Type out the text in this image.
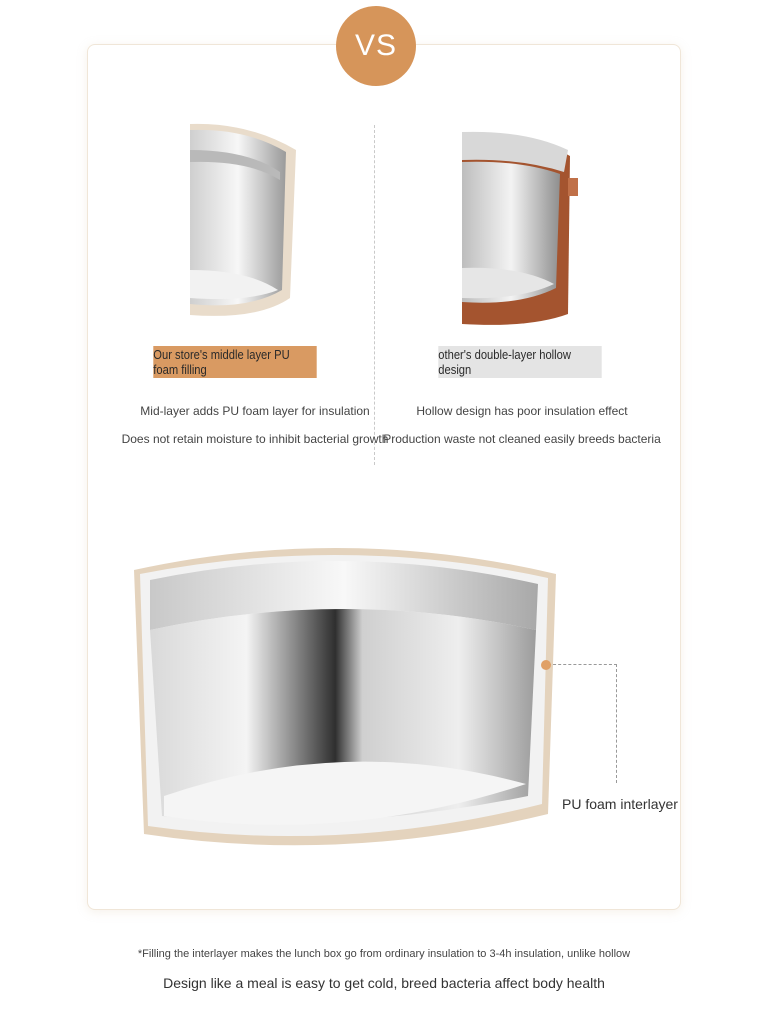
VS
Our store's middle layer PU foam filling
other's double-layer hollow design
Mid-layer adds PU foam layer for insulation
Does not retain moisture to inhibit bacterial growth
Hollow design has poor insulation effect
Production waste not cleaned easily breeds bacteria
PU foam interlayer
*Filling the interlayer makes the lunch box go from ordinary insulation to 3-4h insulation, unlike hollow
Design like a meal is easy to get cold, breed bacteria affect body health
